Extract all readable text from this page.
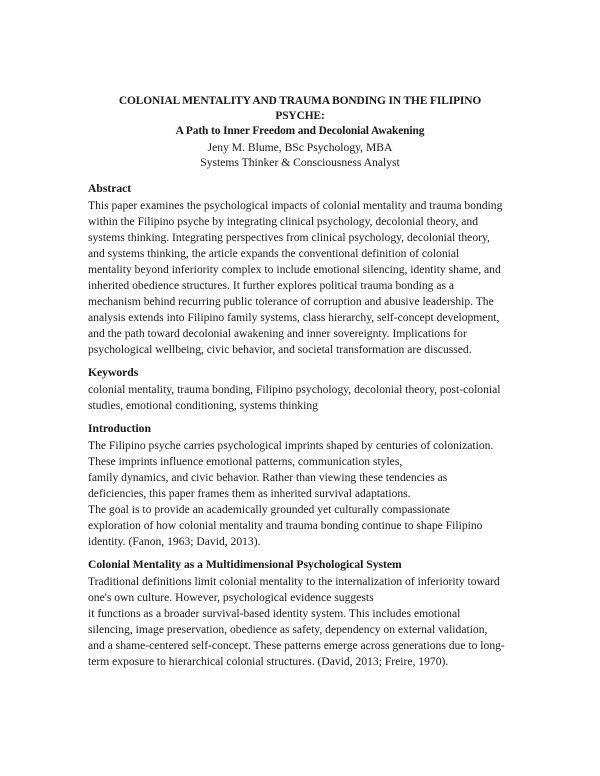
COLONIAL MENTALITY AND TRAUMA BONDING IN THE FILIPINO
PSYCHE:
A Path to Inner Freedom and Decolonial Awakening
Jeny M. Blume, BSc Psychology, MBA
Systems Thinker & Consciousness Analyst
Abstract
This paper examines the psychological impacts of colonial mentality and trauma bonding
within the Filipino psyche by integrating clinical psychology, decolonial theory, and
systems thinking. Integrating perspectives from clinical psychology, decolonial theory,
and systems thinking, the article expands the conventional definition of colonial
mentality beyond inferiority complex to include emotional silencing, identity shame, and
inherited obedience structures. It further explores political trauma bonding as a
mechanism behind recurring public tolerance of corruption and abusive leadership. The
analysis extends into Filipino family systems, class hierarchy, self-concept development,
and the path toward decolonial awakening and inner sovereignty. Implications for
psychological wellbeing, civic behavior, and societal transformation are discussed.
Keywords
colonial mentality, trauma bonding, Filipino psychology, decolonial theory, post-colonial
studies, emotional conditioning, systems thinking
Introduction
The Filipino psyche carries psychological imprints shaped by centuries of colonization.
These imprints influence emotional patterns, communication styles,
family dynamics, and civic behavior. Rather than viewing these tendencies as
deficiencies, this paper frames them as inherited survival adaptations.
The goal is to provide an academically grounded yet culturally compassionate
exploration of how colonial mentality and trauma bonding continue to shape Filipino
identity. (Fanon, 1963; David, 2013).
Colonial Mentality as a Multidimensional Psychological System
Traditional definitions limit colonial mentality to the internalization of inferiority toward
one's own culture. However, psychological evidence suggests
it functions as a broader survival-based identity system. This includes emotional
silencing, image preservation, obedience as safety, dependency on external validation,
and a shame-centered self-concept. These patterns emerge across generations due to long-
term exposure to hierarchical colonial structures. (David, 2013; Freire, 1970).
